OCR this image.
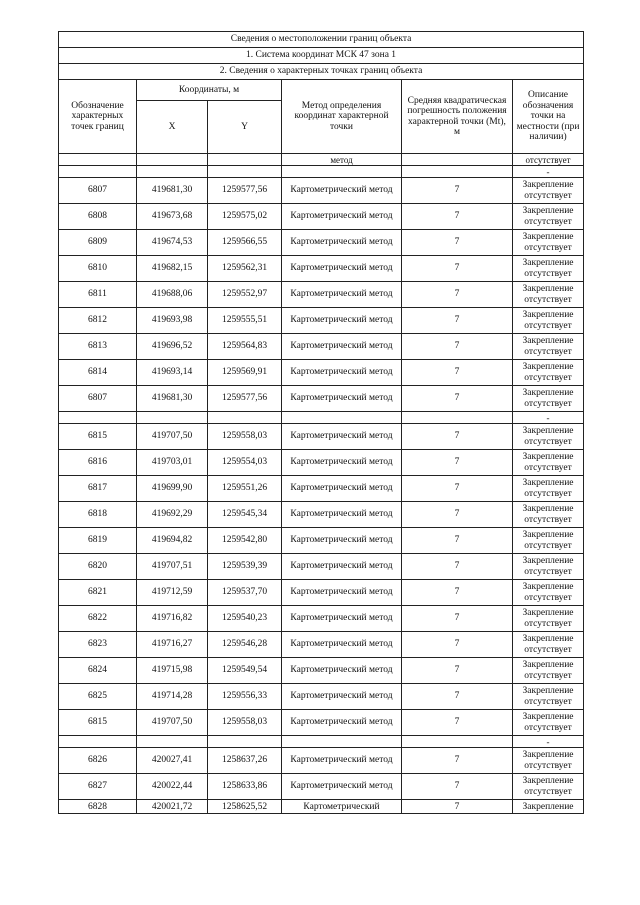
Сведения о местоположении границ объекта					
1. Система координат МСК 47 зона 1					
2. Сведения о характерных точках границ объекта					
Обозначение характерных точек границ	Координаты, м		Метод определения координат характерной точки	Средняя квадратическая погрешность положения характерной точки (Mt), м	Описание обозначения точки на местности (при наличии)
	X	Y			
			метод		отсутствует
					-
6807	419681,30	1259577,56	Картометрический метод	7	Закрепление отсутствует
6808	419673,68	1259575,02	Картометрический метод	7	Закрепление отсутствует
6809	419674,53	1259566,55	Картометрический метод	7	Закрепление отсутствует
6810	419682,15	1259562,31	Картометрический метод	7	Закрепление отсутствует
6811	419688,06	1259552,97	Картометрический метод	7	Закрепление отсутствует
6812	419693,98	1259555,51	Картометрический метод	7	Закрепление отсутствует
6813	419696,52	1259564,83	Картометрический метод	7	Закрепление отсутствует
6814	419693,14	1259569,91	Картометрический метод	7	Закрепление отсутствует
6807	419681,30	1259577,56	Картометрический метод	7	Закрепление отсутствует
					-
6815	419707,50	1259558,03	Картометрический метод	7	Закрепление отсутствует
6816	419703,01	1259554,03	Картометрический метод	7	Закрепление отсутствует
6817	419699,90	1259551,26	Картометрический метод	7	Закрепление отсутствует
6818	419692,29	1259545,34	Картометрический метод	7	Закрепление отсутствует
6819	419694,82	1259542,80	Картометрический метод	7	Закрепление отсутствует
6820	419707,51	1259539,39	Картометрический метод	7	Закрепление отсутствует
6821	419712,59	1259537,70	Картометрический метод	7	Закрепление отсутствует
6822	419716,82	1259540,23	Картометрический метод	7	Закрепление отсутствует
6823	419716,27	1259546,28	Картометрический метод	7	Закрепление отсутствует
6824	419715,98	1259549,54	Картометрический метод	7	Закрепление отсутствует
6825	419714,28	1259556,33	Картометрический метод	7	Закрепление отсутствует
6815	419707,50	1259558,03	Картометрический метод	7	Закрепление отсутствует
					-
6826	420027,41	1258637,26	Картометрический метод	7	Закрепление отсутствует
6827	420022,44	1258633,86	Картометрический метод	7	Закрепление отсутствует
6828	420021,72	1258625,52	Картометрический	7	Закрепление
